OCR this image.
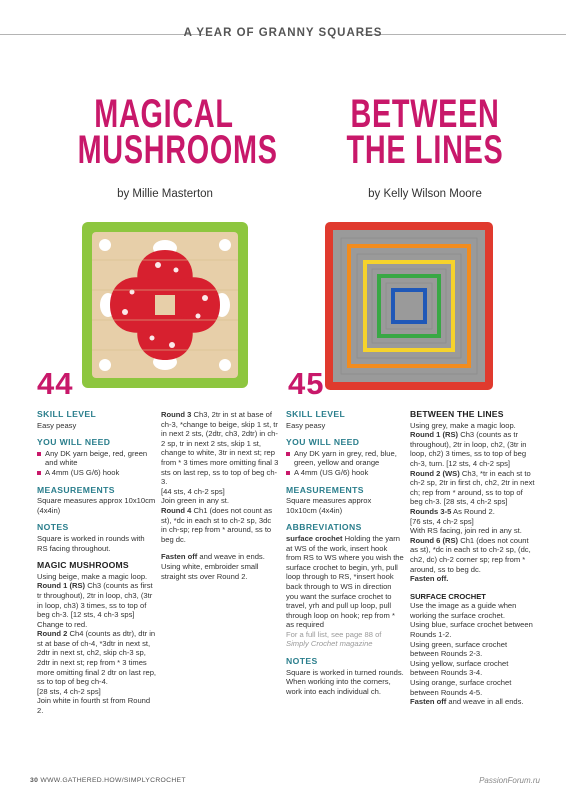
A YEAR OF GRANNY SQUARES
MAGICAL
MUSHROOMS
by Millie Masterton
BETWEEN
THE LINES
by Kelly Wilson Moore
44	45
SKILL LEVEL
Easy peasy
YOU WILL NEED
Any DK yarn beige, red, green and white
A 4mm (US G/6) hook
MEASUREMENTS
Square measures approx 10x10cm (4x4in)
NOTES
Square is worked in rounds with RS facing throughout.
MAGIC MUSHROOMS
Using beige, make a magic loop.
Round 1 (RS) Ch3 (counts as first tr throughout), 2tr in loop, ch3, (3tr in loop, ch3) 3 times, ss to top of beg ch-3. [12 sts, 4 ch-3 sps]
Change to red.
Round 2 Ch4 (counts as dtr), dtr in st at base of ch-4, *3dtr in next st, 2dtr in next st, ch2, skip ch-3 sp, 2dtr in next st; rep from * 3 times more omitting final 2 dtr on last rep, ss to top of beg ch-4.
[28 sts, 4 ch-2 sps]
Join white in fourth st from Round 2.
Round 3 Ch3, 2tr in st at base of ch-3, *change to beige, skip 1 st, tr in next 2 sts, (2dtr, ch3, 2dtr) in ch-2 sp, tr in next 2 sts, skip 1 st, change to white, 3tr in next st; rep from * 3 times more omitting final 3 sts on last rep, ss to top of beg ch-3.
[44 sts, 4 ch-2 sps]
Join green in any st.
Round 4 Ch1 (does not count as st), *dc in each st to ch-2 sp, 3dc in ch-sp; rep from * around, ss to beg dc.
Fasten off and weave in ends. Using white, embroider small straight sts over Round 2.
SKILL LEVEL
Easy peasy
YOU WILL NEED
Any DK yarn in grey, red, blue, green, yellow and orange
A 4mm (US G/6) hook
MEASUREMENTS
Square measures approx 10x10cm (4x4in)
ABBREVIATIONS
surface crochet Holding the yarn at WS of the work, insert hook from RS to WS where you wish the surface crochet to begin, yrh, pull loop through to RS, *insert hook back through to WS in direction you want the surface crochet to travel, yrh and pull up loop, pull through loop on hook; rep from * as required
For a full list, see page 88 of
Simply Crochet magazine
NOTES
Square is worked in turned rounds. When working into the corners, work into each individual ch.
BETWEEN THE LINES
Using grey, make a magic loop.
Round 1 (RS) Ch3 (counts as tr throughout), 2tr in loop, ch2, (3tr in loop, ch2) 3 times, ss to top of beg ch-3, turn. [12 sts, 4 ch-2 sps]
Round 2 (WS) Ch3, *tr in each st to ch-2 sp, 2tr in first ch, ch2, 2tr in next ch; rep from * around, ss to top of beg ch-3. [28 sts, 4 ch-2 sps]
Rounds 3-5 As Round 2.
[76 sts, 4 ch-2 sps]
With RS facing, join red in any st.
Round 6 (RS) Ch1 (does not count as st), *dc in each st to ch-2 sp, (dc, ch2, dc) ch-2 corner sp; rep from * around, ss to beg dc.
Fasten off.
SURFACE CROCHET
Use the image as a guide when working the surface crochet.
Using blue, surface crochet between Rounds 1-2.
Using green, surface crochet between Rounds 2-3.
Using yellow, surface crochet between Rounds 3-4.
Using orange, surface crochet between Rounds 4-5.
Fasten off and weave in all ends.
30 WWW.GATHERED.HOW/SIMPLYCROCHET	PassionForum.ru
